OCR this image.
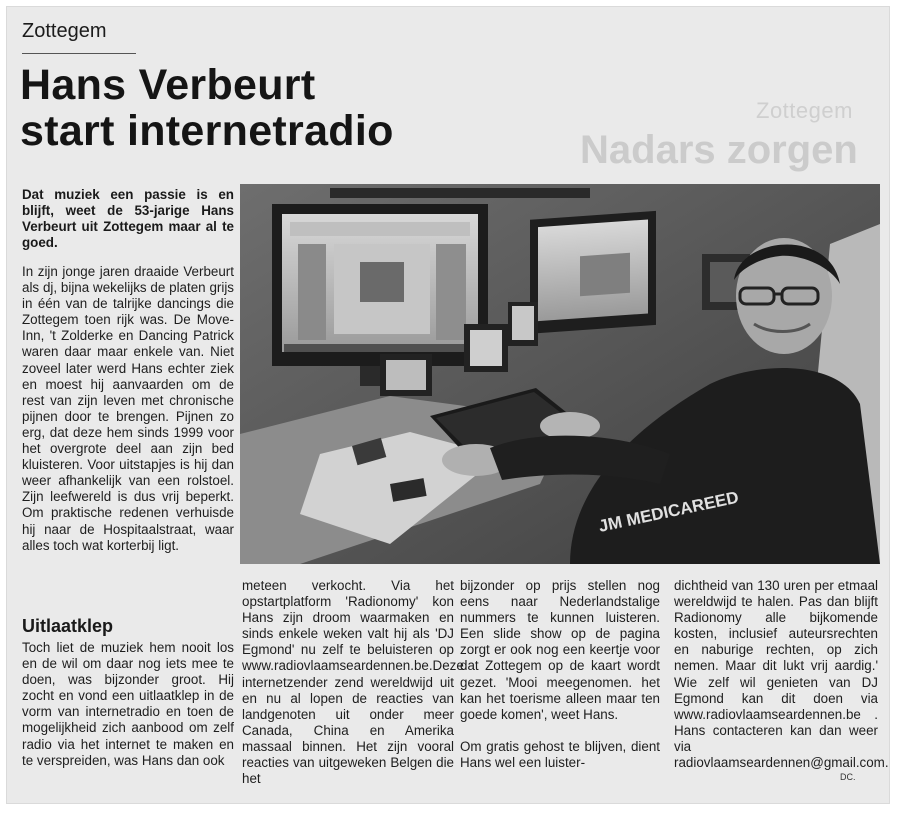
Zottegem
Nadars zorgen
Zottegem
Hans Verbeurt
start internetradio

Dat muziek een passie is en blijft, weet de 53-jarige Hans Verbeurt uit Zottegem maar al te goed.

In zijn jonge jaren draaide Verbeurt als dj, bijna wekelijks de platen grijs in één van de talrijke dancings die Zottegem toen rijk was. De Move-Inn, 't Zolderke en Dancing Patrick waren daar maar enkele van. Niet zoveel later werd Hans echter ziek en moest hij aanvaarden om de rest van zijn leven met chronische pijnen door te brengen. Pijnen zo erg, dat deze hem sinds 1999 voor het overgrote deel aan zijn bed kluisteren. Voor uitstapjes is hij dan weer afhankelijk van een rolstoel. Zijn leefwereld is dus vrij beperkt. Om praktische redenen verhuisde hij naar de Hospitaalstraat, waar alles toch wat korterbij ligt.

Uitlaatklep

Toch liet de muziek hem nooit los en de wil om daar nog iets mee te doen, was bijzonder groot. Hij zocht en vond een uitlaatklep in de vorm van internetradio en toen de mogelijkheid zich aanbood om zelf radio via het internet te maken en te verspreiden, was Hans dan ook

meteen verkocht. Via het opstartplatform 'Radionomy' kon Hans zijn droom waarmaken en sinds enkele weken valt hij als 'DJ Egmond' nu zelf te beluisteren op www.radiovlaamseardennen.be.Deze internetzender zend wereldwijd uit en nu al lopen de reacties van landgenoten uit onder meer Canada, China en Amerika massaal binnen. Het zijn vooral reacties van uitgeweken Belgen die het

bijzonder op prijs stellen nog eens naar Nederlandstalige nummers te kunnen luisteren. Een slide show op de pagina zorgt er ook nog een keertje voor dat Zottegem op de kaart wordt gezet. 'Mooi meegenomen. het kan het toerisme alleen maar ten goede komen', weet Hans.

Om gratis gehost te blijven, dient Hans wel een luister-

dichtheid van 130 uren per etmaal wereldwijd te halen. Pas dan blijft Radionomy alle bijkomende kosten, inclusief auteursrechten en naburige rechten, op zich nemen. Maar dit lukt vrij aardig.' Wie zelf wil genieten van DJ Egmond kan dit doen via www.radiovlaamseardennen.be . Hans contacteren kan dan weer via radiovlaamseardennen@gmail.com.

DC.
JM MEDICAREED
